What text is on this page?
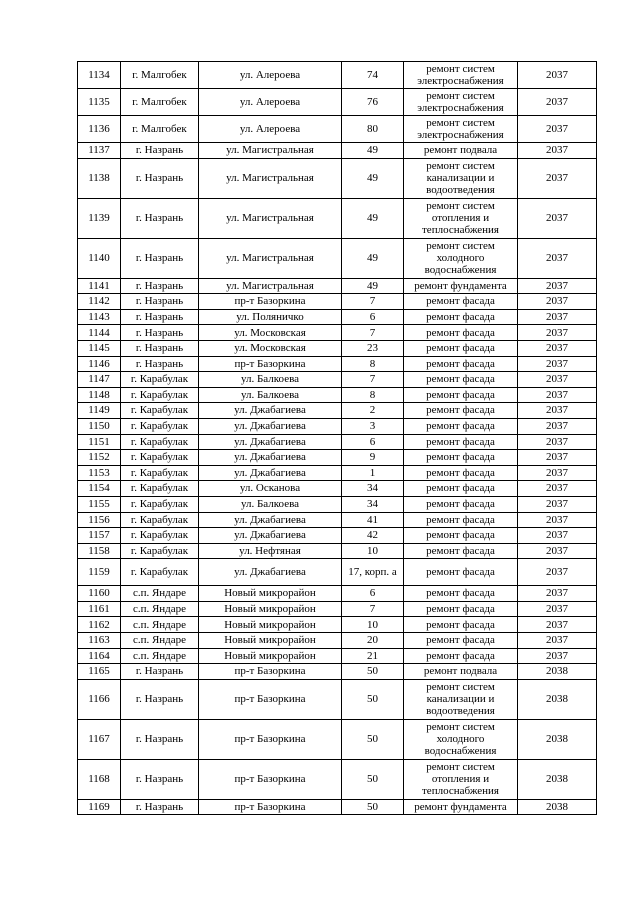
1134	г. Малгобек	ул. Алероева	74	ремонт систем электроснабжения	2037
1135	г. Малгобек	ул. Алероева	76	ремонт систем электроснабжения	2037
1136	г. Малгобек	ул. Алероева	80	ремонт систем электроснабжения	2037
1137	г. Назрань	ул. Магистральная	49	ремонт подвала	2037
1138	г. Назрань	ул. Магистральная	49	ремонт систем канализации и водоотведения	2037
1139	г. Назрань	ул. Магистральная	49	ремонт систем отопления и теплоснабжения	2037
1140	г. Назрань	ул. Магистральная	49	ремонт систем холодного водоснабжения	2037
1141	г. Назрань	ул. Магистральная	49	ремонт фундамента	2037
1142	г. Назрань	пр-т Базоркина	7	ремонт фасада	2037
1143	г. Назрань	ул. Поляничко	6	ремонт фасада	2037
1144	г. Назрань	ул. Московская	7	ремонт фасада	2037
1145	г. Назрань	ул. Московская	23	ремонт фасада	2037
1146	г. Назрань	пр-т Базоркина	8	ремонт фасада	2037
1147	г. Карабулак	ул. Балкоева	7	ремонт фасада	2037
1148	г. Карабулак	ул. Балкоева	8	ремонт фасада	2037
1149	г. Карабулак	ул. Джабагиева	2	ремонт фасада	2037
1150	г. Карабулак	ул. Джабагиева	3	ремонт фасада	2037
1151	г. Карабулак	ул. Джабагиева	6	ремонт фасада	2037
1152	г. Карабулак	ул. Джабагиева	9	ремонт фасада	2037
1153	г. Карабулак	ул. Джабагиева	1	ремонт фасада	2037
1154	г. Карабулак	ул. Осканова	34	ремонт фасада	2037
1155	г. Карабулак	ул. Балкоева	34	ремонт фасада	2037
1156	г. Карабулак	ул. Джабагиева	41	ремонт фасада	2037
1157	г. Карабулак	ул. Джабагиева	42	ремонт фасада	2037
1158	г. Карабулак	ул. Нефтяная	10	ремонт фасада	2037
1159	г. Карабулак	ул. Джабагиева	17, корп. а	ремонт фасада	2037
1160	с.п. Яндаре	Новый микрорайон	6	ремонт фасада	2037
1161	с.п. Яндаре	Новый микрорайон	7	ремонт фасада	2037
1162	с.п. Яндаре	Новый микрорайон	10	ремонт фасада	2037
1163	с.п. Яндаре	Новый микрорайон	20	ремонт фасада	2037
1164	с.п. Яндаре	Новый микрорайон	21	ремонт фасада	2037
1165	г. Назрань	пр-т Базоркина	50	ремонт подвала	2038
1166	г. Назрань	пр-т Базоркина	50	ремонт систем канализации и водоотведения	2038
1167	г. Назрань	пр-т Базоркина	50	ремонт систем холодного водоснабжения	2038
1168	г. Назрань	пр-т Базоркина	50	ремонт систем отопления и теплоснабжения	2038
1169	г. Назрань	пр-т Базоркина	50	ремонт фундамента	2038
